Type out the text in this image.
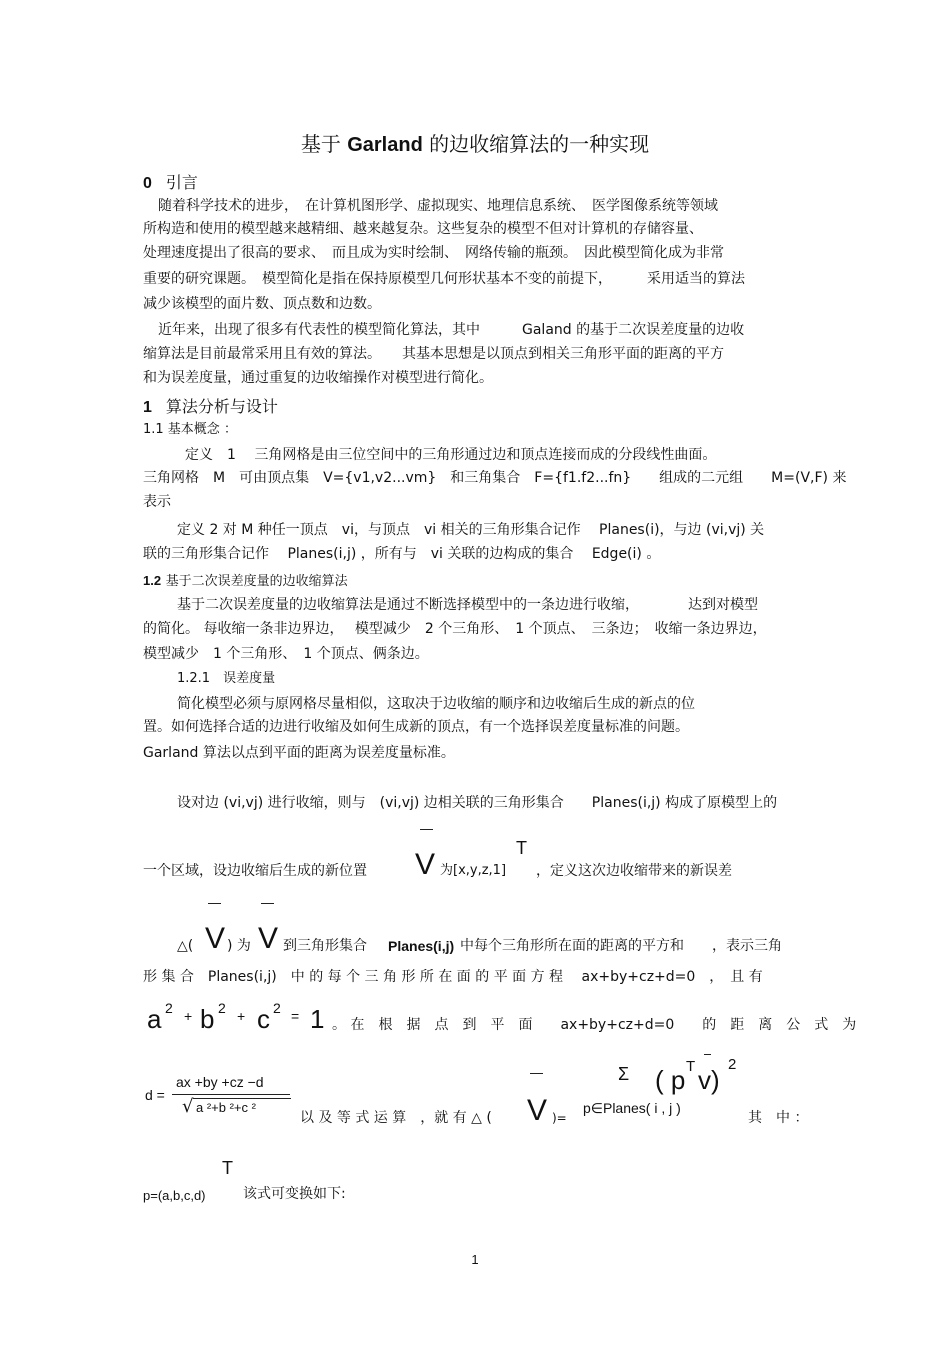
基于 Garland 的边收缩算法的一种实现
0 引言
随着科学技术的进步，　在计算机图形学、虚拟现实、地理信息系统、　医学图像系统等领域
所构造和使用的模型越来越精细、越来越复杂。这些复杂的模型不但对计算机的存储容量、
处理速度提出了很高的要求、　而且成为实时绘制、　网络传输的瓶颈。　因此模型简化成为非常
重要的研究课题。　模型简化是指在保持原模型几何形状基本不变的前提下，　　　采用适当的算法
减少该模型的面片数、顶点数和边数。
近年来，出现了很多有代表性的模型简化算法，其中　　　Galand 的基于二次误差度量的边收
缩算法是目前最常采用且有效的算法。　　其基本思想是以顶点到相关三角形平面的距离的平方
和为误差度量，通过重复的边收缩操作对模型进行简化。
1 算法分析与设计
1.1 基本概念 ：
定义　1　 三角网格是由三位空间中的三角形通过边和顶点连接而成的分段线性曲面。
三角网格　M　可由顶点集　V={v1,v2...vm}　和三角集合　F={f1.f2...fn}　　组成的二元组　　M=(V,F) 来
表示
定义 2 对 M 种任一顶点　vi，与顶点　vi 相关的三角形集合记作　 Planes(i)，与边 (vi,vj) 关
联的三角形集合记作　 Planes(i,j) ，所有与　vi 关联的边构成的集合　 Edge(i) 。
1.2 基于二次误差度量的边收缩算法
基于二次误差度量的边收缩算法是通过不断选择模型中的一条边进行收缩，　　　　达到对模型
的简化。 每收缩一条非边界边，　 模型减少　2 个三角形、　1 个顶点、　三条边；　收缩一条边界边，
模型减少　1 个三角形、　1 个顶点、俩条边。
1.2.1　误差度量
简化模型必须与原网格尽量相似，这取决于边收缩的顺序和边收缩后生成的新点的位
置。如何选择合适的边进行收缩及如何生成新的顶点，有一个选择误差度量标准的问题。
Garland 算法以点到平面的距离为误差度量标准。
设对边 (vi,vj) 进行收缩，则与　(vi,vj) 边相关联的三角形集合　　Planes(i,j) 构成了原模型上的
T
一个区域，设边收缩后生成的新位置 V 为[x,y,z,1] ，定义这次边收缩带来的新误差
△( V ) 为 V 到三角形集合 Planes(i,j) 中每个三角形所在面的距离的平方和　　，表示三角
形 集 合　Planes(i,j)　中 的 每 个 三 角 形 所 在 面 的 平 面 方 程　 ax+by+cz+d=0　，　且 有
a 2 + b 2 + c 2 = 1 。 在　根　据　点　到　平　面　　ax+by+cz+d=0　　的　距　离　公　式　为
d =
ax +by +cz −d
√ a ²+b ²+c ²
以 及 等 式 运 算　，就 有 △ ( V )=
Σ ( p T v)
2
p∈Planes( i , j )
其　中 ：
T
p=(a,b,c,d)	该式可变换如下:
1
